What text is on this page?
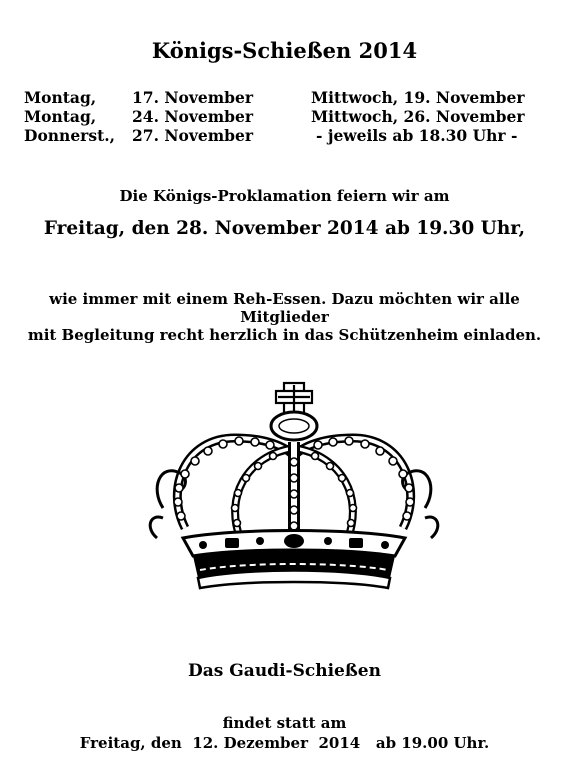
Königs-Schießen 2014
Montag,
Montag,
Donnerst.,
17. November
24. November
27. November
Mittwoch, 19. November
Mittwoch, 26. November
- jeweils ab 18.30 Uhr -
Die Königs-Proklamation feiern wir am
Freitag, den 28. November 2014 ab 19.30 Uhr,
wie immer mit einem Reh-Essen. Dazu möchten wir alle
Mitglieder
mit Begleitung recht herzlich in das Schützenheim einladen.
Das Gaudi-Schießen
findet statt am
Freitag, den  12. Dezember  2014   ab 19.00 Uhr.
